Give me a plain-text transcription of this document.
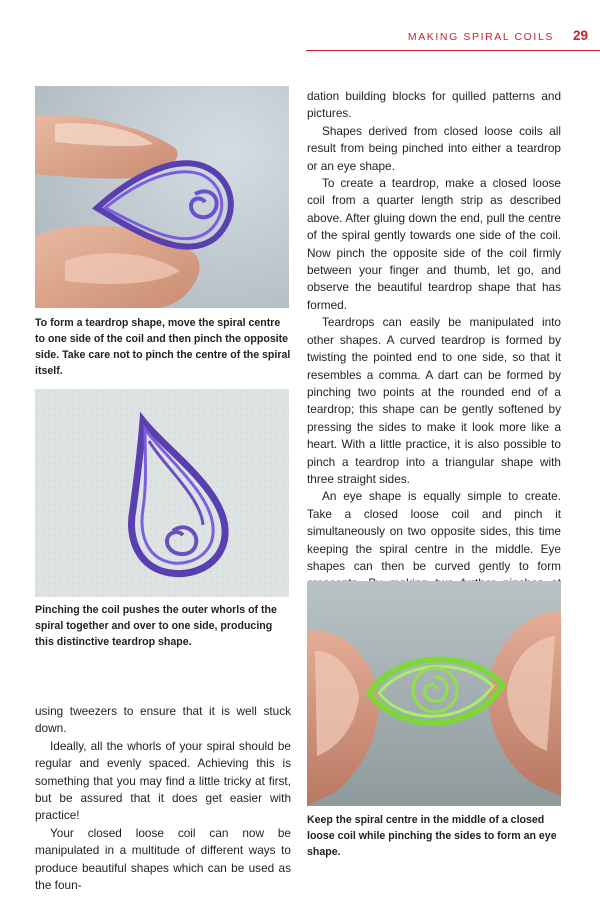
MAKING SPIRAL COILS 29
To form a teardrop shape, move the spiral centre to one side of the coil and then pinch the opposite side. Take care not to pinch the centre of the spiral itself.
Pinching the coil pushes the outer whorls of the spiral together and over to one side, producing this distinctive teardrop shape.

using tweezers to ensure that it is well stuck down.

Ideally, all the whorls of your spiral should be regular and evenly spaced. Achieving this is something that you may find a little tricky at first, but be assured that it does get easier with practice!

Your closed loose coil can now be manipulated in a multitude of different ways to produce beautiful shapes which can be used as the foun-

dation building blocks for quilled patterns and pictures.

Shapes derived from closed loose coils all result from being pinched into either a teardrop or an eye shape.

To create a teardrop, make a closed loose coil from a quarter length strip as described above. After gluing down the end, pull the centre of the spiral gently towards one side of the coil. Now pinch the opposite side of the coil firmly between your finger and thumb, let go, and observe the beautiful teardrop shape that has formed.

Teardrops can easily be manipulated into other shapes. A curved teardrop is formed by twisting the pointed end to one side, so that it resembles a comma. A dart can be formed by pinching two points at the rounded end of a teardrop; this shape can be gently softened by pressing the sides to make it look more like a heart. With a little practice, it is also possible to pinch a teardrop into a triangular shape with three straight sides.

An eye shape is equally simple to create. Take a closed loose coil and pinch it simultaneously on two opposite sides, this time keeping the spiral centre in the middle. Eye shapes can then be curved gently to form

Keep the spiral centre in the middle of a closed loose coil while pinching the sides to form an eye shape.
